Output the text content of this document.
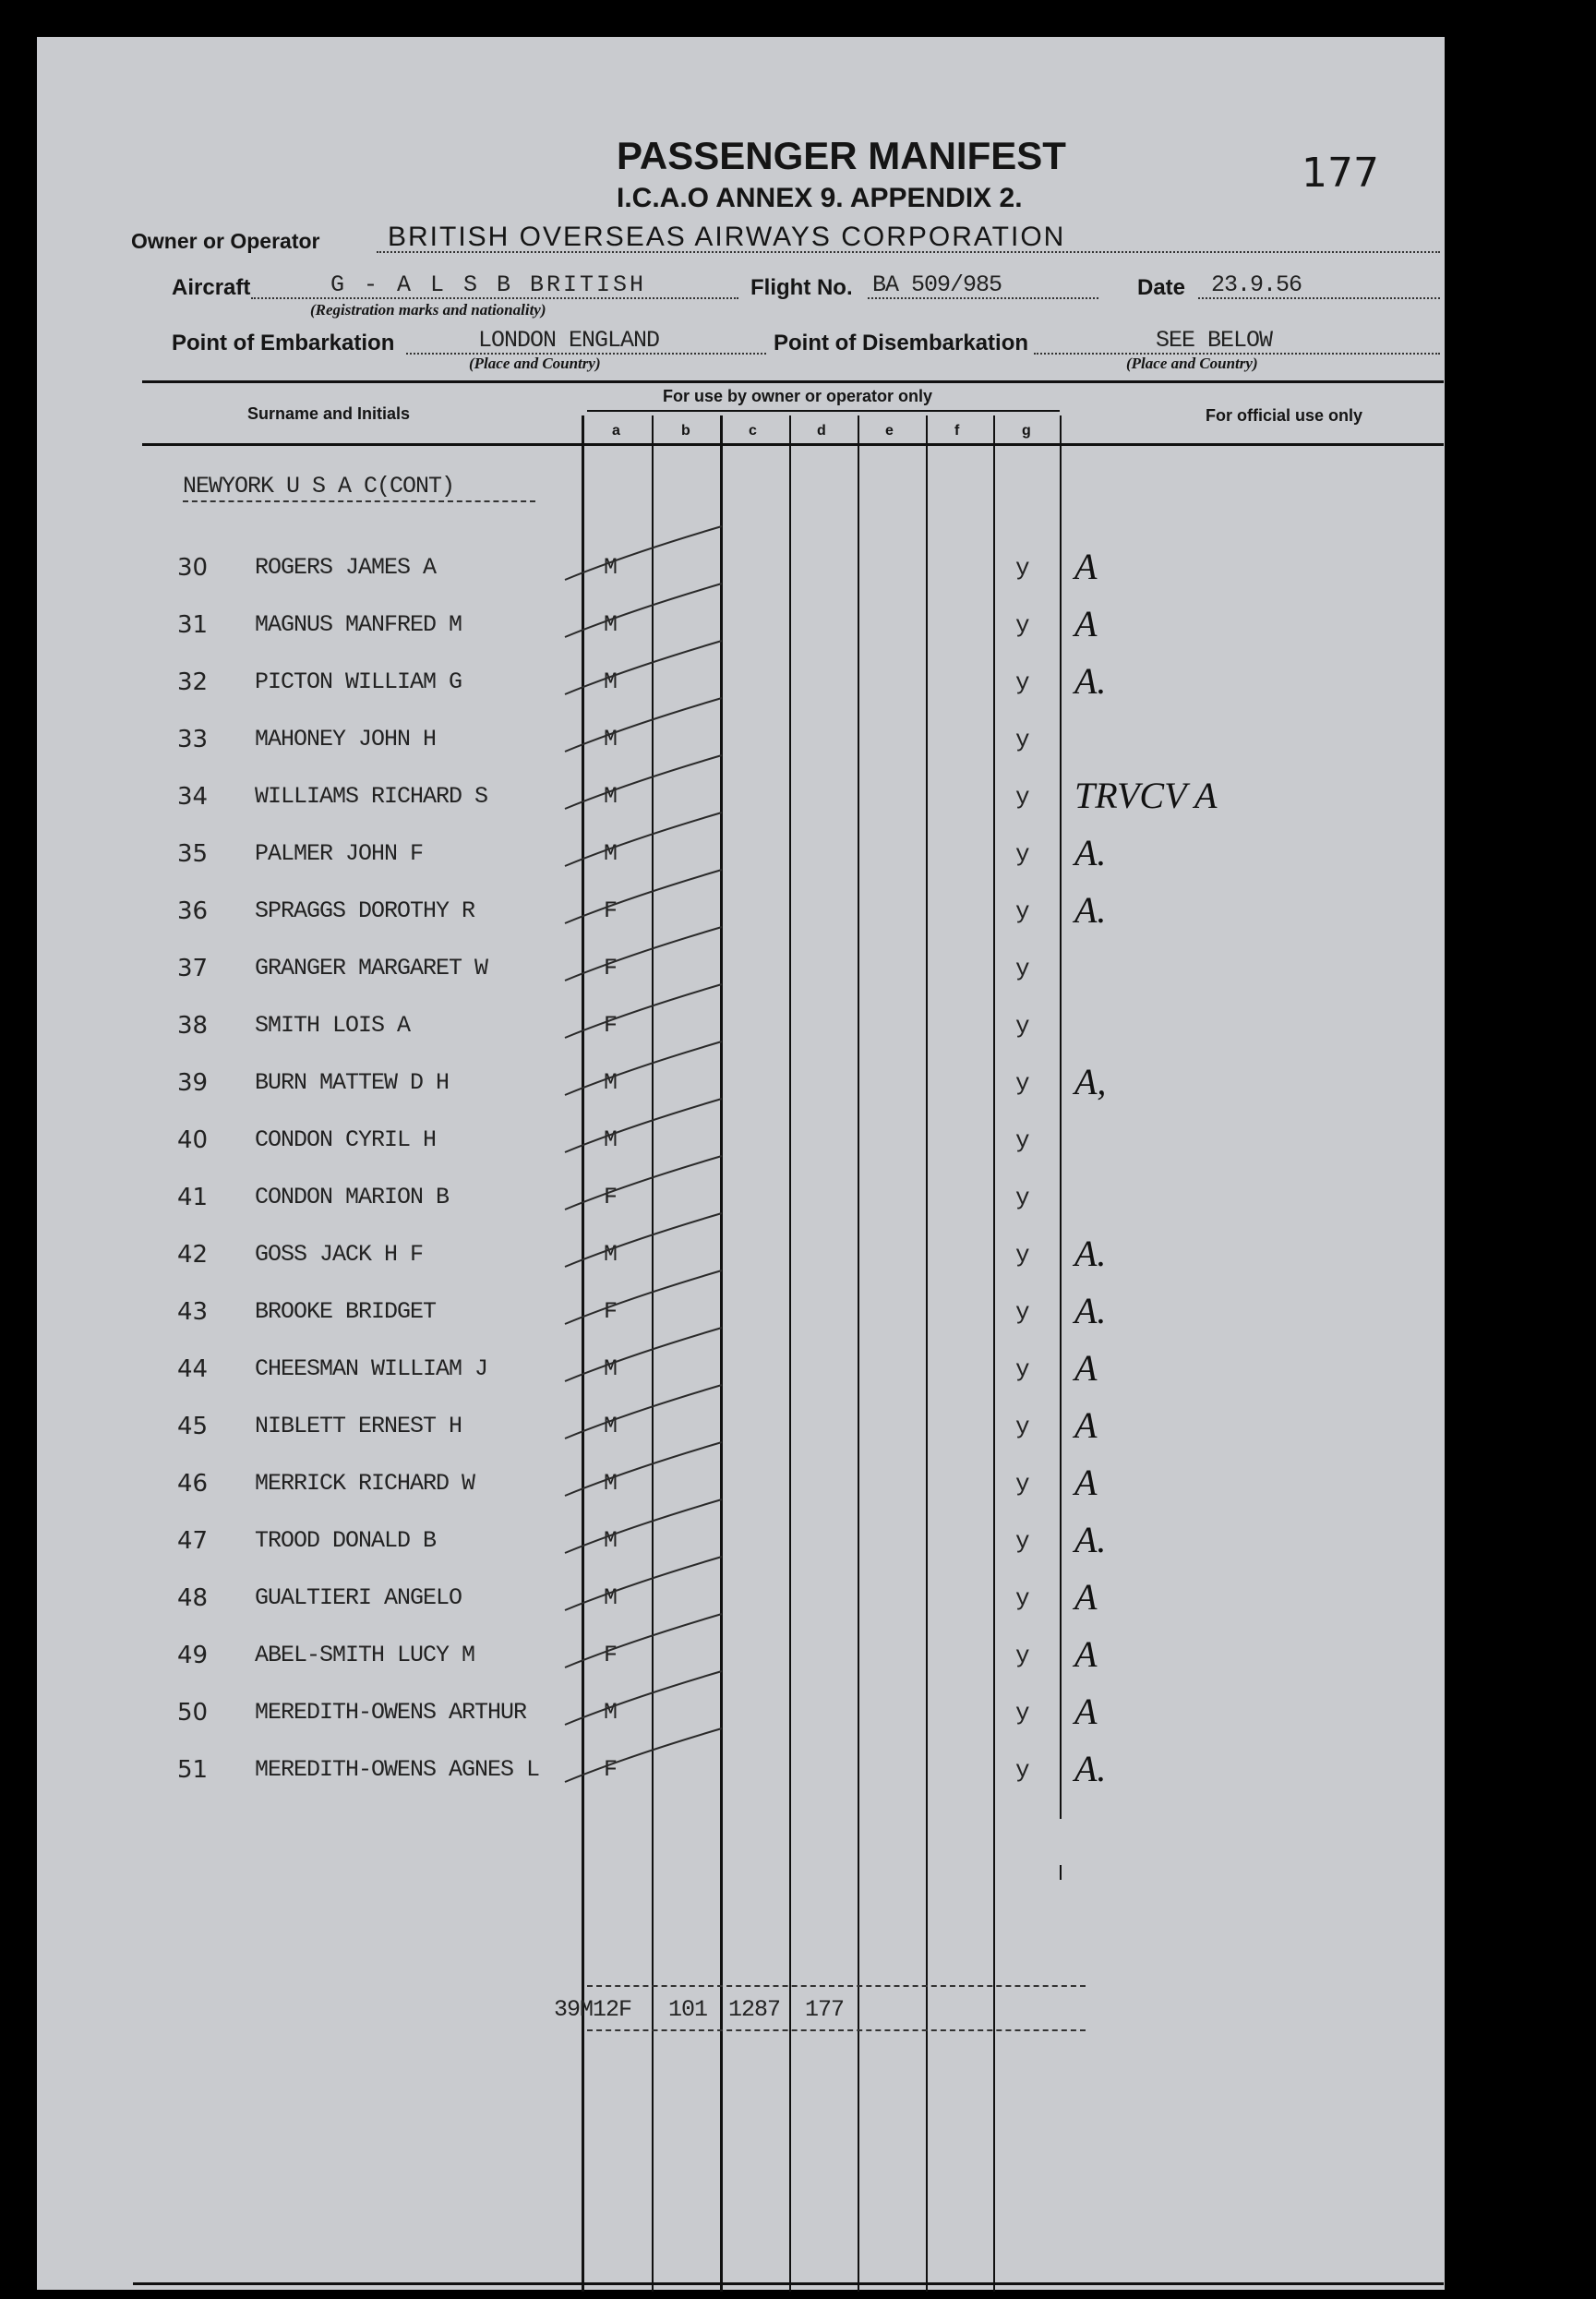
PASSENGER MANIFEST
I.C.A.O ANNEX 9. APPENDIX 2.
177
Owner or Operator BRITISH OVERSEAS AIRWAYS CORPORATION
Aircraft	G - A L S B BRITISH
(Registration marks and nationality)
Flight No. BA 509/985	Date 23.9.56
Point of Embarkation	LONDON ENGLAND
(Place and Country)
Point of Disembarkation	SEE BELOW
(Place and Country)
Surname and Initials
For use by owner or operator only
For official use only
a	b	c	d	e	f	g
NEWYORK U S A C(CONT)
30 ROGERS JAMES A	M	y A
31 MAGNUS MANFRED M	M	y A
32 PICTON WILLIAM G	M	y A.
33 MAHONEY JOHN H	M	y
34 WILLIAMS RICHARD S	M	y TRVCV A
35 PALMER JOHN F	M	y A.
36 SPRAGGS DOROTHY R	F	y A.
37 GRANGER MARGARET W	F	y
38 SMITH LOIS A	F	y
39 BURN MATTEW D H	M	y A,
40 CONDON CYRIL H	M	y
41 CONDON MARION B	F	y
42 GOSS JACK H F	M	y A.
43 BROOKE BRIDGET	F	y A.
44 CHEESMAN WILLIAM J	M	y A
45 NIBLETT ERNEST H	M	y A
46 MERRICK RICHARD W	M	y A
47 TROOD DONALD B	M	y A.
48 GUALTIERI ANGELO	M	y A
49 ABEL-SMITH LUCY M	F	y A
50 MEREDITH-OWENS ARTHUR	M	y A
51 MEREDITH-OWENS AGNES L	F	y A.
39M12F 101 1287 177
